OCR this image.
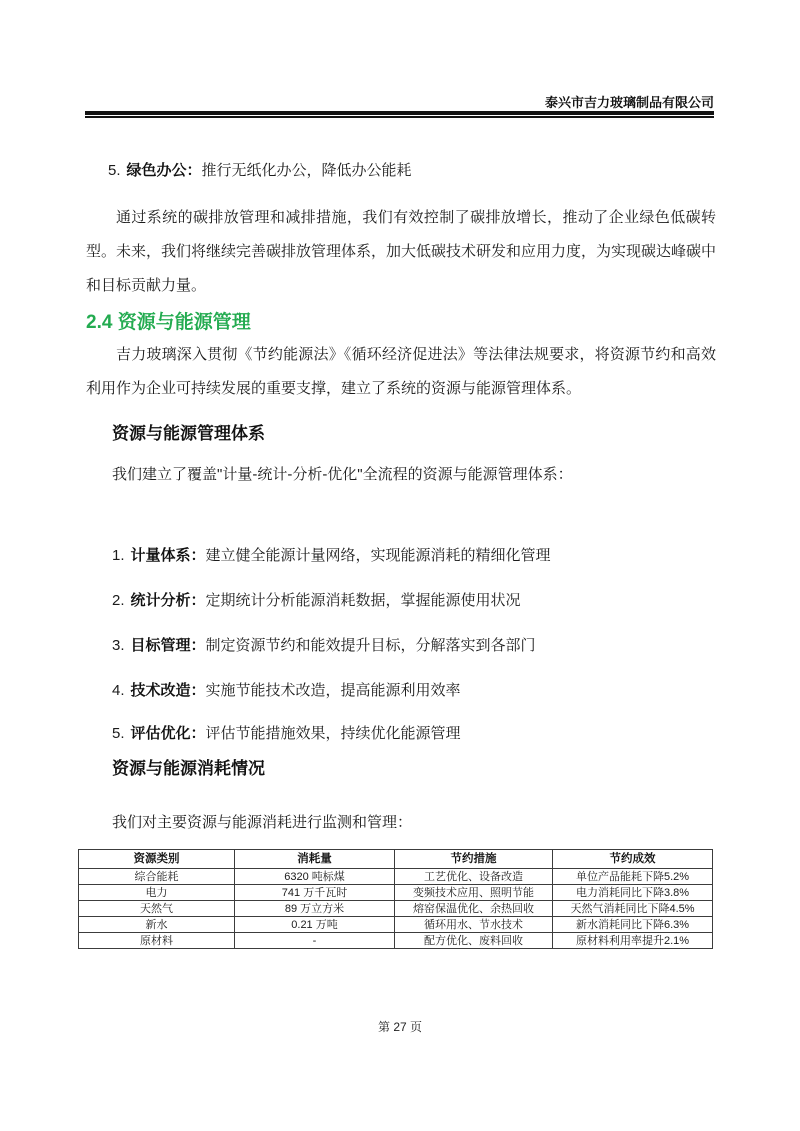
泰兴市吉力玻璃制品有限公司
5. 绿色办公：推行无纸化办公，降低办公能耗
通过系统的碳排放管理和减排措施，我们有效控制了碳排放增长，推动了企业绿色低碳转型。未来，我们将继续完善碳排放管理体系，加大低碳技术研发和应用力度，为实现碳达峰碳中和目标贡献力量。
2.4 资源与能源管理
吉力玻璃深入贯彻《节约能源法》《循环经济促进法》等法律法规要求，将资源节约和高效利用作为企业可持续发展的重要支撑，建立了系统的资源与能源管理体系。
资源与能源管理体系
我们建立了覆盖"计量-统计-分析-优化"全流程的资源与能源管理体系：
1. 计量体系：建立健全能源计量网络，实现能源消耗的精细化管理
2. 统计分析：定期统计分析能源消耗数据，掌握能源使用状况
3. 目标管理：制定资源节约和能效提升目标，分解落实到各部门
4. 技术改造：实施节能技术改造，提高能源利用效率
5. 评估优化：评估节能措施效果，持续优化能源管理
资源与能源消耗情况
我们对主要资源与能源消耗进行监测和管理：
资源类别	消耗量	节约措施	节约成效
综合能耗	6320 吨标煤	工艺优化、设备改造	单位产品能耗下降5.2%
电力	741 万千瓦时	变频技术应用、照明节能	电力消耗同比下降3.8%
天然气	89 万立方米	熔窑保温优化、余热回收	天然气消耗同比下降4.5%
新水	0.21 万吨	循环用水、节水技术	新水消耗同比下降6.3%
原材料	-	配方优化、废料回收	原材料利用率提升2.1%
第 27 页
